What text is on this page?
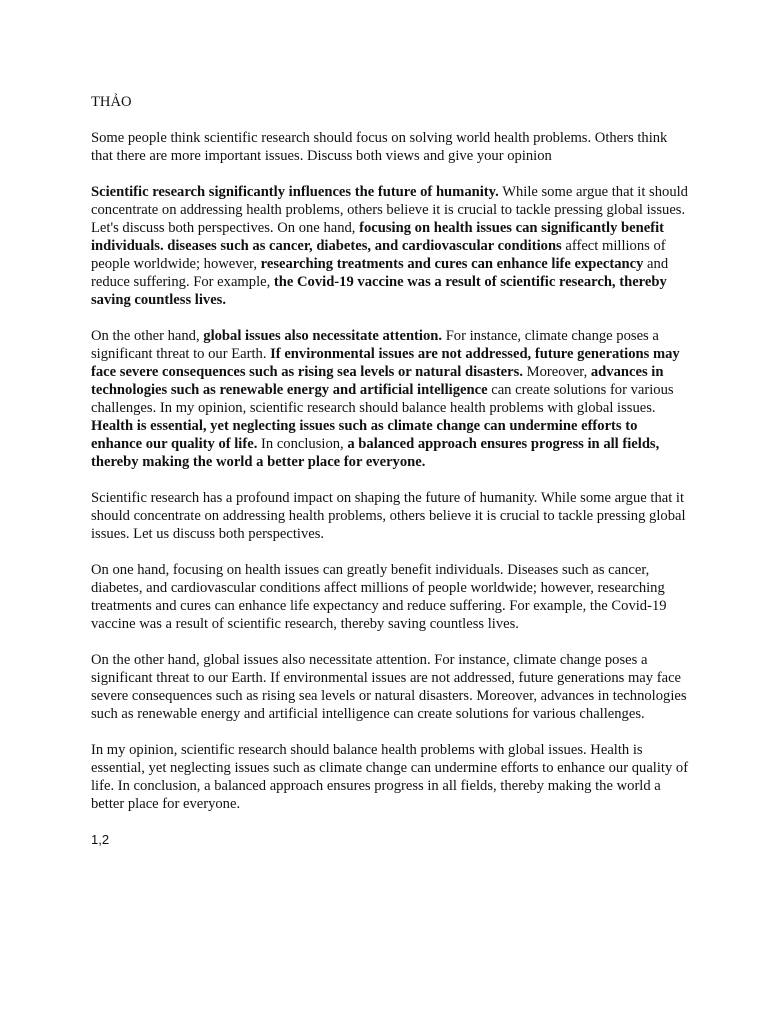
THẢO

Some people think scientific research should focus on solving world health problems. Others think that there are more important issues. Discuss both views and give your opinion

Scientific research significantly influences the future of humanity. While some argue that it should concentrate on addressing health problems, others believe it is crucial to tackle pressing global issues. Let's discuss both perspectives. On one hand, focusing on health issues can significantly benefit individuals. diseases such as cancer, diabetes, and cardiovascular conditions affect millions of people worldwide; however, researching treatments and cures can enhance life expectancy and reduce suffering. For example, the Covid-19 vaccine was a result of scientific research, thereby saving countless lives.

On the other hand, global issues also necessitate attention. For instance, climate change poses a significant threat to our Earth. If environmental issues are not addressed, future generations may face severe consequences such as rising sea levels or natural disasters. Moreover, advances in technologies such as renewable energy and artificial intelligence can create solutions for various challenges. In my opinion, scientific research should balance health problems with global issues. Health is essential, yet neglecting issues such as climate change can undermine efforts to enhance our quality of life. In conclusion, a balanced approach ensures progress in all fields, thereby making the world a better place for everyone.

Scientific research has a profound impact on shaping the future of humanity. While some argue that it should concentrate on addressing health problems, others believe it is crucial to tackle pressing global issues. Let us discuss both perspectives.

On one hand, focusing on health issues can greatly benefit individuals. Diseases such as cancer, diabetes, and cardiovascular conditions affect millions of people worldwide; however, researching treatments and cures can enhance life expectancy and reduce suffering. For example, the Covid-19 vaccine was a result of scientific research, thereby saving countless lives.

On the other hand, global issues also necessitate attention. For instance, climate change poses a significant threat to our Earth. If environmental issues are not addressed, future generations may face severe consequences such as rising sea levels or natural disasters. Moreover, advances in technologies such as renewable energy and artificial intelligence can create solutions for various challenges.

In my opinion, scientific research should balance health problems with global issues. Health is essential, yet neglecting issues such as climate change can undermine efforts to enhance our quality of life. In conclusion, a balanced approach ensures progress in all fields, thereby making the world a better place for everyone.

1,2
